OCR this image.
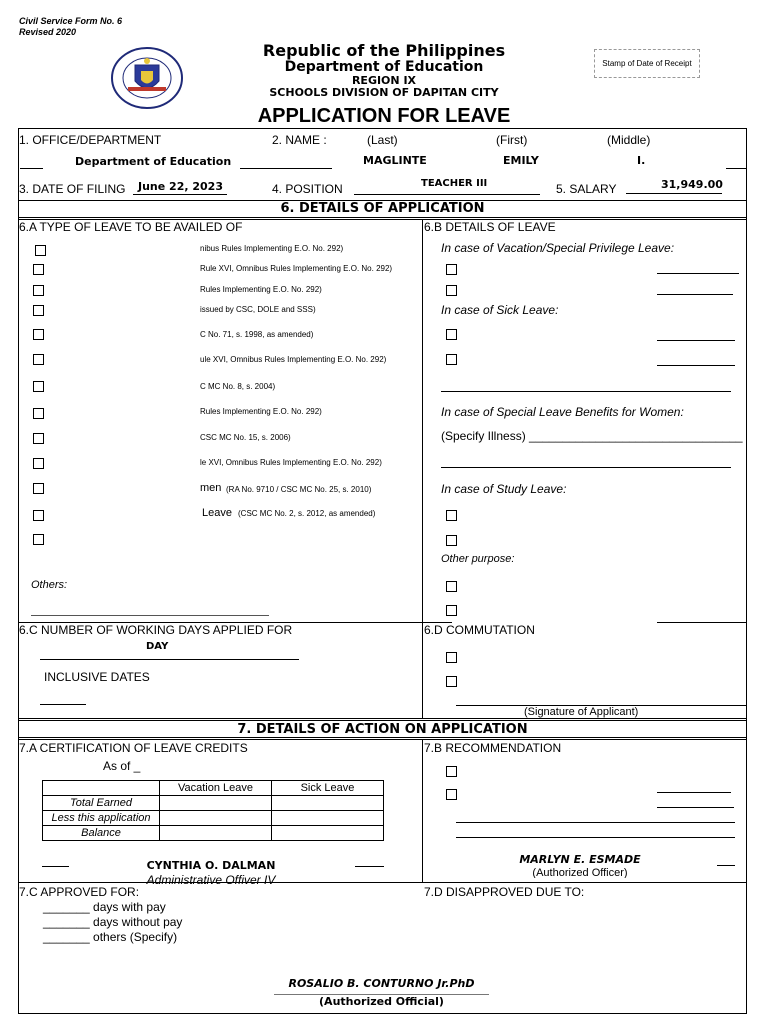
Civil Service Form No. 6
Revised 2020
Republic of the Philippines
Department of Education
REGION IX
SCHOOLS DIVISION OF DAPITAN CITY
Stamp of Date of Receipt
APPLICATION FOR LEAVE
1. OFFICE/DEPARTMENT	2. NAME :	(Last)	(First)	(Middle)
Department of Education	MAGLINTE	EMILY	I.
3. DATE OF FILING June 22, 2023	4. POSITION	TEACHER III	5. SALARY	31,949.00
6. DETAILS OF APPLICATION
6.A TYPE OF LEAVE TO BE AVAILED OF
nibus Rules Implementing E.O. No. 292)
Rule XVI, Omnibus Rules Implementing E.O. No. 292)
Rules Implementing E.O. No. 292)
issued by CSC, DOLE and SSS)
C No. 71, s. 1998, as amended)
ule XVI, Omnibus Rules Implementing E.O. No. 292)
C MC No. 8, s. 2004)
Rules Implementing E.O. No. 292)
CSC MC No. 15, s. 2006)
le XVI, Omnibus Rules Implementing E.O. No. 292)
men (RA No. 9710 / CSC MC No. 25, s. 2010)
Leave (CSC MC No. 2, s. 2012, as amended)
Others:
6.B DETAILS OF LEAVE
In case of Vacation/Special Privilege Leave:
In case of Sick Leave:
In case of Special Leave Benefits for Women:
(Specify Illness) ________________________________
In case of Study Leave:
Other purpose:
6.C NUMBER OF WORKING DAYS APPLIED FOR
DAY
INCLUSIVE DATES
6.D COMMUTATION
(Signature of Applicant)
7. DETAILS OF ACTION ON APPLICATION
7.A CERTIFICATION OF LEAVE CREDITS
As of _
	Vacation Leave	Sick Leave
Total Earned		
Less this application		
Balance		
CYNTHIA O. DALMAN
Administrative Offiver IV
7.B RECOMMENDATION
MARLYN E. ESMADE
(Authorized Officer)
7.C APPROVED FOR:
_______ days with pay
_______ days without pay
_______ others (Specify)
7.D DISAPPROVED DUE TO:
ROSALIO B. CONTURNO Jr.PhD
(Authorized Official)
